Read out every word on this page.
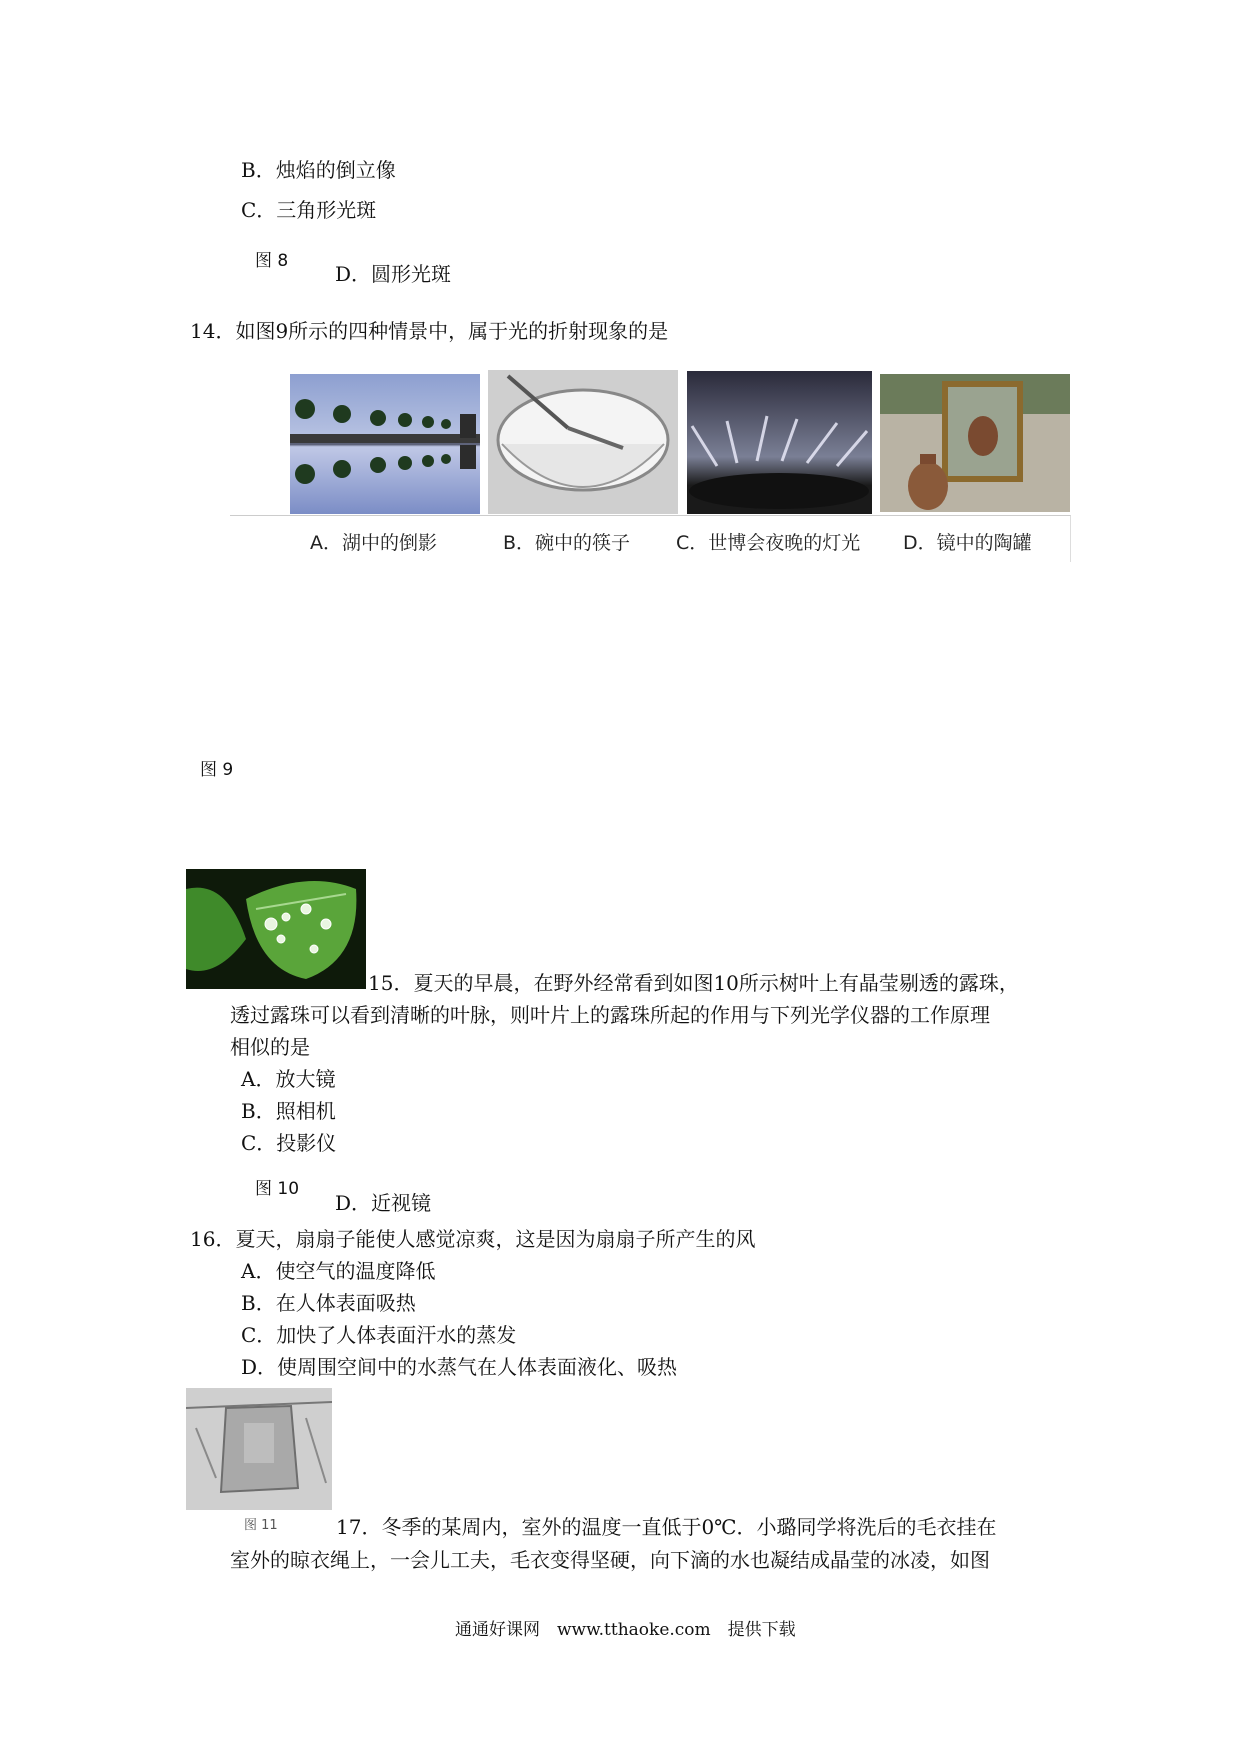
B．烛焰的倒立像
C．三角形光斑
图 8
D．圆形光斑
14．如图9所示的四种情景中，属于光的折射现象的是
A．湖中的倒影	B．碗中的筷子 C．世博会夜晚的灯光 D．镜中的陶罐
图 9
15．夏天的早晨，在野外经常看到如图10所示树叶上有晶莹剔透的露珠，
透过露珠可以看到清晰的叶脉，则叶片上的露珠所起的作用与下列光学仪器的工作原理
相似的是
A．放大镜
B．照相机
C．投影仪
图 10
D．近视镜
16．夏天，扇扇子能使人感觉凉爽，这是因为扇扇子所产生的风
A．使空气的温度降低
B．在人体表面吸热
C．加快了人体表面汗水的蒸发
D．使周围空间中的水蒸气在人体表面液化、吸热
图 11	17．冬季的某周内，室外的温度一直低于0℃．小璐同学将洗后的毛衣挂在
室外的晾衣绳上，一会儿工夫，毛衣变得坚硬，向下滴的水也凝结成晶莹的冰凌，如图
通通好课网　www.tthaoke.com　提供下载
